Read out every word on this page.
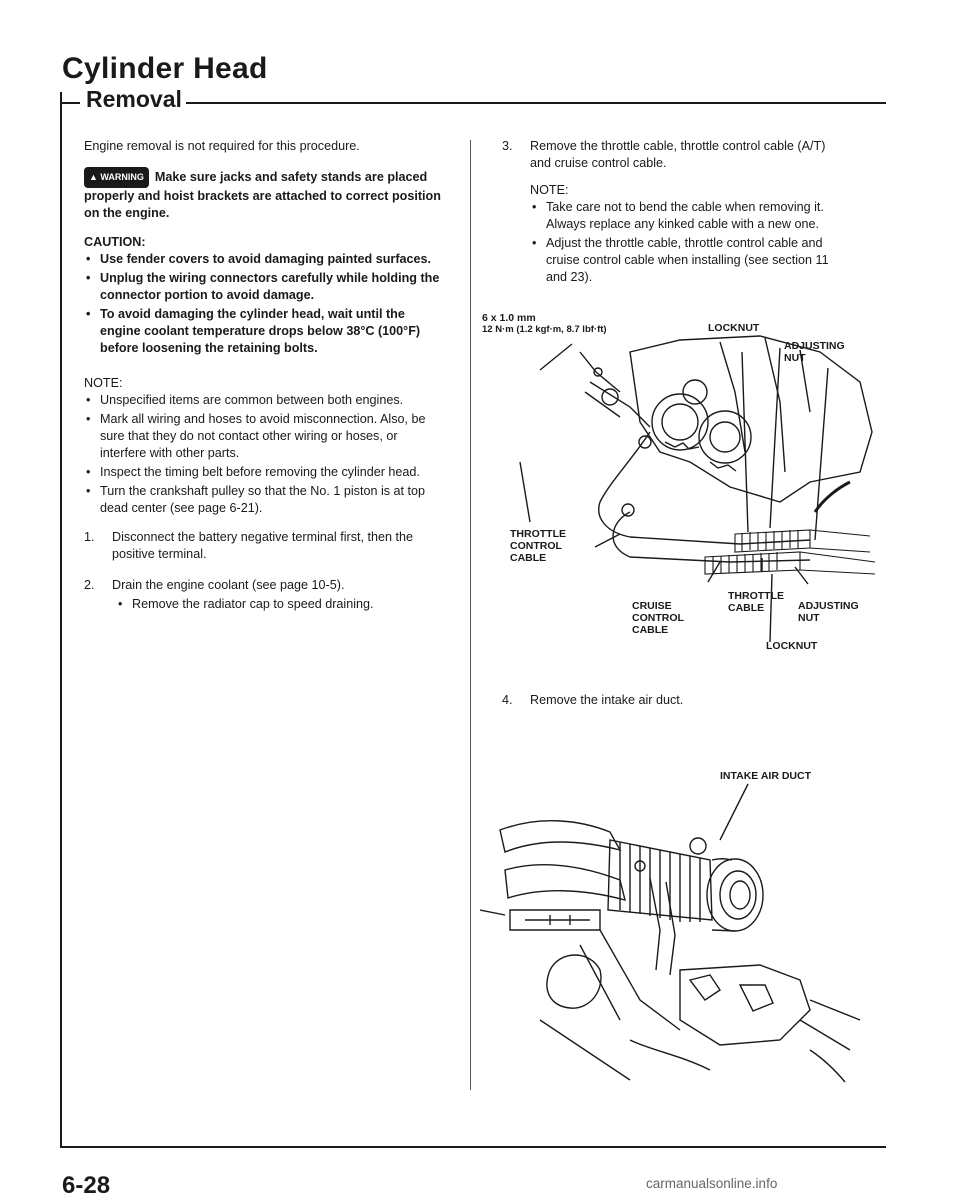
Cylinder Head
Removal

Engine removal is not required for this procedure.

▲ WARNING Make sure jacks and safety stands are placed properly and hoist brackets are attached to correct position on the engine.

CAUTION:
• Use fender covers to avoid damaging painted surfaces.
• Unplug the wiring connectors carefully while holding the connector portion to avoid damage.
• To avoid damaging the cylinder head, wait until the engine coolant temperature drops below 38°C (100°F) before loosening the retaining bolts.
NOTE:
• Unspecified items are common between both engines.
• Mark all wiring and hoses to avoid misconnection. Also, be sure that they do not contact other wiring or hoses, or interfere with other parts.
• Inspect the timing belt before removing the cylinder head.
• Turn the crankshaft pulley so that the No. 1 piston is at top dead center (see page 6-21).
1. Disconnect the battery negative terminal first, then the positive terminal.
2. Drain the engine coolant (see page 10-5).
• Remove the radiator cap to speed draining.
3. Remove the throttle cable, throttle control cable (A/T) and cruise control cable.
NOTE:
• Take care not to bend the cable when removing it. Always replace any kinked cable with a new one.
• Adjust the throttle cable, throttle control cable and cruise control cable when installing (see section 11 and 23).
6 x 1.0 mm
12 N·m (1.2 kgf·m, 8.7 lbf·ft)	LOCKNUT
ADJUSTING
NUT
THROTTLE
CONTROL
CABLE
CRUISE
CONTROL
CABLE
THROTTLE
CABLE	ADJUSTING
NUT
LOCKNUT
4. Remove the intake air duct.
INTAKE AIR DUCT
6-28	carmanualsonline.info
